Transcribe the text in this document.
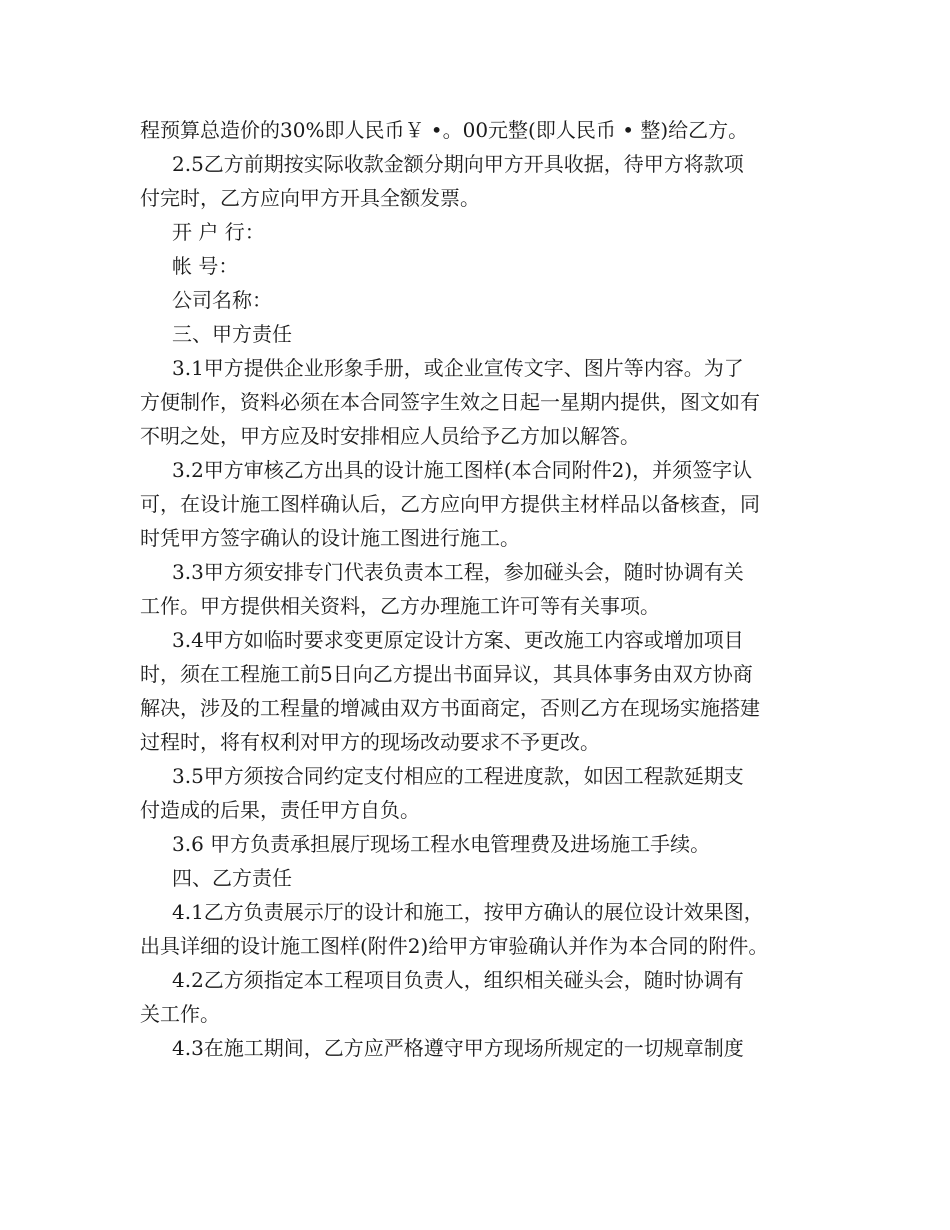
程预算总造价的30%即人民币￥ •。00元整(即人民币 • 整)给乙方。
2.5乙方前期按实际收款金额分期向甲方开具收据，待甲方将款项
付完时，乙方应向甲方开具全额发票。
开 户 行：
帐 号：
公司名称：
三、甲方责任
3.1甲方提供企业形象手册，或企业宣传文字、图片等内容。为了
方便制作，资料必须在本合同签字生效之日起一星期内提供，图文如有
不明之处，甲方应及时安排相应人员给予乙方加以解答。
3.2甲方审核乙方出具的设计施工图样(本合同附件2)，并须签字认
可，在设计施工图样确认后，乙方应向甲方提供主材样品以备核查，同
时凭甲方签字确认的设计施工图进行施工。
3.3甲方须安排专门代表负责本工程，参加碰头会，随时协调有关
工作。甲方提供相关资料，乙方办理施工许可等有关事项。
3.4甲方如临时要求变更原定设计方案、更改施工内容或增加项目
时，须在工程施工前5日向乙方提出书面异议，其具体事务由双方协商
解决，涉及的工程量的增减由双方书面商定，否则乙方在现场实施搭建
过程时，将有权利对甲方的现场改动要求不予更改。
3.5甲方须按合同约定支付相应的工程进度款，如因工程款延期支
付造成的后果，责任甲方自负。
3.6 甲方负责承担展厅现场工程水电管理费及进场施工手续。
四、乙方责任
4.1乙方负责展示厅的设计和施工，按甲方确认的展位设计效果图，
出具详细的设计施工图样(附件2)给甲方审验确认并作为本合同的附件。
4.2乙方须指定本工程项目负责人，组织相关碰头会，随时协调有
关工作。
4.3在施工期间，乙方应严格遵守甲方现场所规定的一切规章制度
